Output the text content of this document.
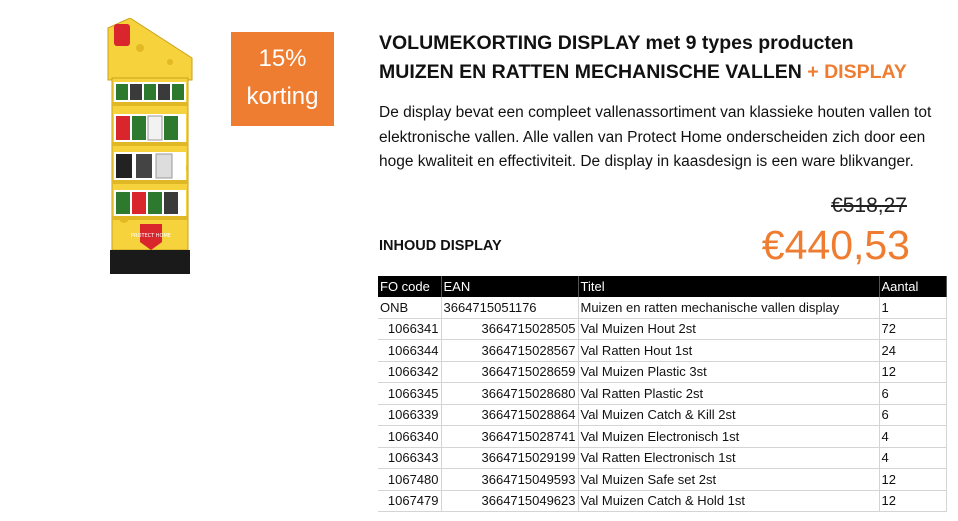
PROTECT HOME
15%
korting
VOLUMEKORTING DISPLAY met 9 types producten
MUIZEN EN RATTEN MECHANISCHE VALLEN + DISPLAY
De display bevat een compleet vallenassortiment van klassieke houten vallen tot elektronische vallen. Alle vallen van Protect Home onderscheiden zich door een hoge kwaliteit en effectiviteit. De display in kaasdesign is een ware blikvanger.
€518,27
€440,53
INHOUD DISPLAY
FO code	EAN	Titel	Aantal
ONB	3664715051176	Muizen en ratten mechanische vallen display	1
1066341	3664715028505	Val Muizen Hout 2st	72
1066344	3664715028567	Val Ratten Hout 1st	24
1066342	3664715028659	Val Muizen Plastic 3st	12
1066345	3664715028680	Val Ratten Plastic 2st	6
1066339	3664715028864	Val Muizen Catch & Kill 2st	6
1066340	3664715028741	Val Muizen Electronisch 1st	4
1066343	3664715029199	Val Ratten Electronisch 1st	4
1067480	3664715049593	Val Muizen Safe set 2st	12
1067479	3664715049623	Val Muizen Catch & Hold 1st	12
